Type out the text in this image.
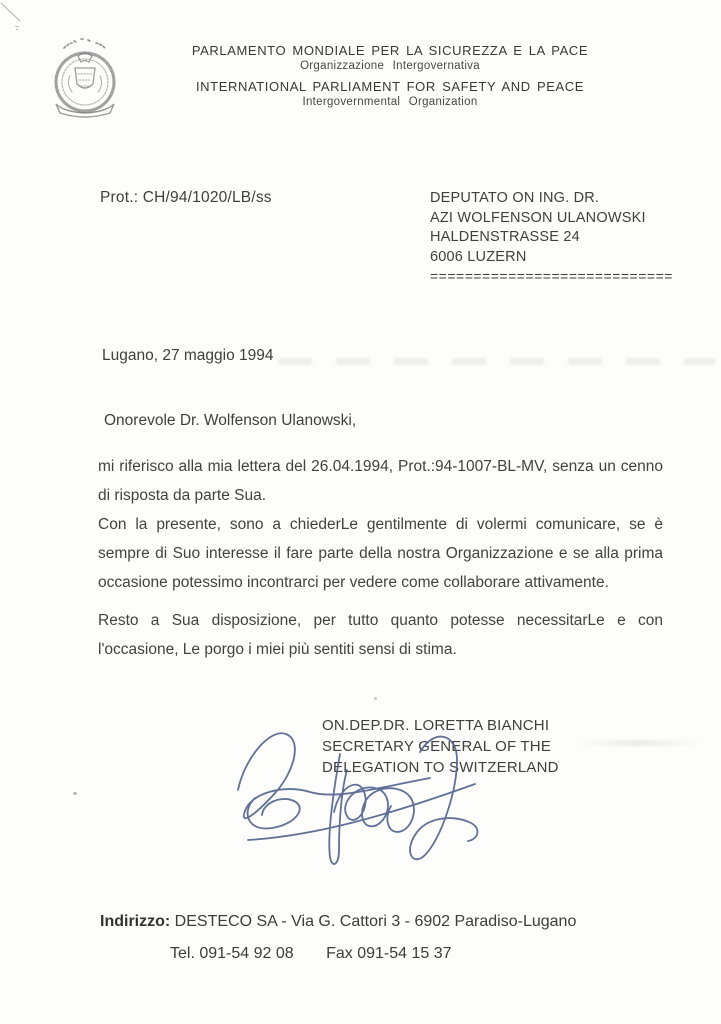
PARLAMENTO MONDIALE PER LA SICUREZZA E LA PACE
Organizzazione Intergovernativa
INTERNATIONAL PARLIAMENT FOR SAFETY AND PEACE
Intergovernmental Organization
Prot.: CH/94/1020/LB/ss	DEPUTATO ON ING. DR.
AZI WOLFENSON ULANOWSKI
HALDENSTRASSE 24
6006 LUZERN
============================
Lugano, 27 maggio 1994
Onorevole Dr. Wolfenson Ulanowski,

mi riferisco alla mia lettera del 26.04.1994, Prot.:94-1007-BL-MV, senza un cenno di risposta da parte Sua.

Con la presente, sono a chiederLe gentilmente di volermi comunicare, se è sempre di Suo interesse il fare parte della nostra Organizzazione e se alla prima occasione potessimo incontrarci per vedere come collaborare attivamente.

Resto a Sua disposizione, per tutto quanto potesse necessitarLe e con l'occasione, Le porgo i miei più sentiti sensi di stima.

ON.DEP.DR. LORETTA BIANCHI
SECRETARY GENERAL OF THE
DELEGATION TO SWITZERLAND
Indirizzo: DESTECO SA - Via G. Cattori 3 - 6902 Paradiso-Lugano
Tel. 091-54 92 08 Fax 091-54 15 37
